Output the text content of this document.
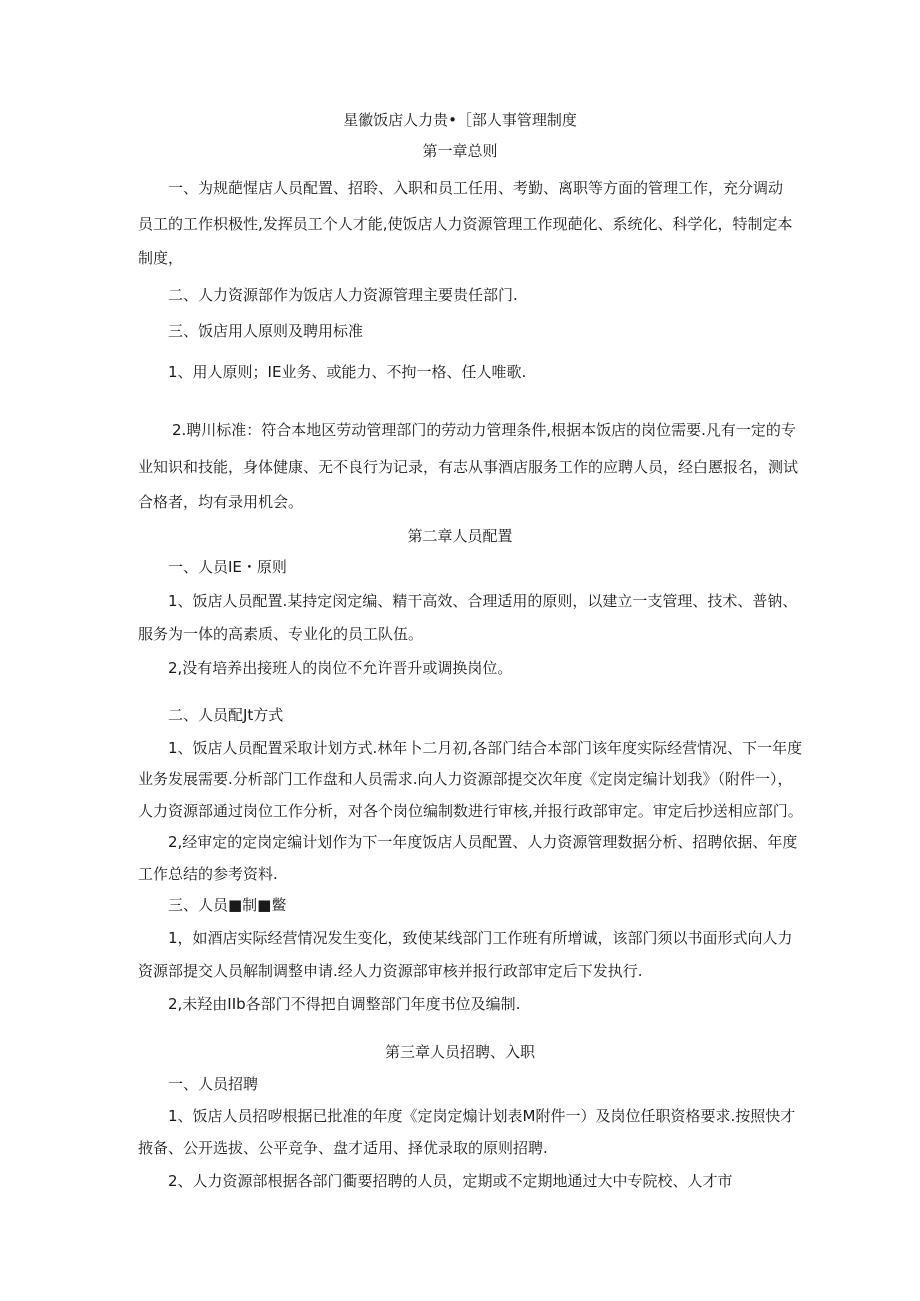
星徽饭店人力贵•［部人事管理制度

第一章总则

一、为规葩惺店人员配置、招聆、入职和员工任用、考勤、离职等方面的管理工作，充分调动

员工的工作枳极性,发挥员工个人才能,使饭店人力资源管理工作现葩化、系统化、科学化，特制定本

制度，

二、人力资源部作为饭店人力资源管理主要贵任部门.

三、饭店用人原则及聘用标准

1、用人原则；IE业务、或能力、不拘一格、任人唯歌.

2.聘川标准：符合本地区劳动管理部门的劳动力管理条件,根据本饭店的岗位需要.凡有一定的专

业知识和技能，身体健康、无不良行为记录，有志从事酒店服务工作的应聘人员，经白慝报名，测试

合格者，均有录用机会。

第二章人员配置

一、人员IE・原则

1、饭店人员配置.某持定闵定编、精干高效、合理适用的原则，以建立一支管理、技术、普钠、

服务为一体的高素质、专业化的员工队伍。

2,没有培养出接班人的岗位不允许晋升或调换岗位。

二、人员配Jt方式

1、饭店人员配置采取计划方式.林年卜二月初,各部门结合本部门该年度实际经营情况、下一年度

业务发展需要.分析部门工作盘和人员需求.向人力资源部提交次年度《定岗定编计划我》（附件一），

人力资源部通过岗位工作分析，对各个岗位编制数进行审核,并报行政部审定。审定后抄送相应部门。

2,经审定的定岗定编计划作为下一年度饭店人员配置、人力资源管理数据分析、招聘依据、年度

工作总结的参考资料.

三、人员■制■鳖

1，如酒店实际经营情况发生变化，致使某线部门工作班有所增诚，该部门须以书面形式向人力

资源部提交人员解制调整申请.经人力资源部审核并报行政部审定后下发执行.

2,未羟由IIb各部门不得把自调整部门年度书位及编制.

第三章人员招聘、入职

一、人员招聘

1、饭店人员招哕根据已批准的年度《定岗定煽计划表M附件一）及岗位任职资格要求.按照快才

掖备、公开选拔、公平竞争、盘才适用、择优录取的原则招聘.

2、人力资源部根据各部门衢要招聘的人员，定期或不定期地通过大中专院校、人才市
